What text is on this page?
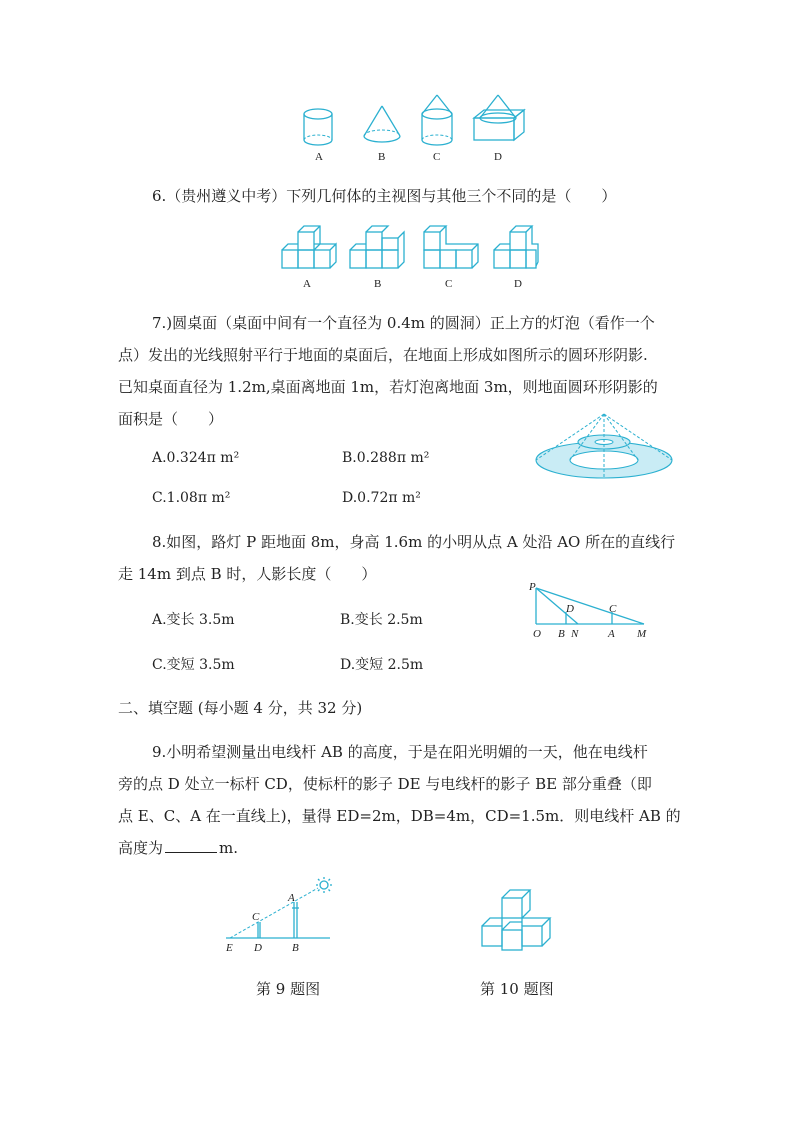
A	B	C	D
6.（贵州遵义中考）下列几何体的主视图与其他三个不同的是（　　）
A	B	C	D
7.)圆桌面（桌面中间有一个直径为 0.4m 的圆洞）正上方的灯泡（看作一个
点）发出的光线照射平行于地面的桌面后，在地面上形成如图所示的圆环形阴影.
已知桌面直径为 1.2m,桌面离地面 1m，若灯泡离地面 3m，则地面圆环形阴影的
面积是（　　）
A.0.324π m²	B.0.288π m²
C.1.08π m²	D.0.72π m²
8.如图，路灯 P 距地面 8m，身高 1.6m 的小明从点 A 处沿 AO 所在的直线行
走 14m 到点 B 时，人影长度（　　）
A.变长 3.5m	B.变长 2.5m
C.变短 3.5m	D.变短 2.5m
P
D	C
O B N	A M
二、填空题 (每小题 4 分，共 32 分)
9.小明希望测量出电线杆 AB 的高度，于是在阳光明媚的一天，他在电线杆
旁的点 D 处立一标杆 CD，使标杆的影子 DE 与电线杆的影子 BE 部分重叠（即
点 E、C、A 在一直线上)，量得 ED=2m，DB=4m，CD=1.5m．则电线杆 AB 的
高度为	m.
A
C
E D	B
第 9 题图	第 10 题图
